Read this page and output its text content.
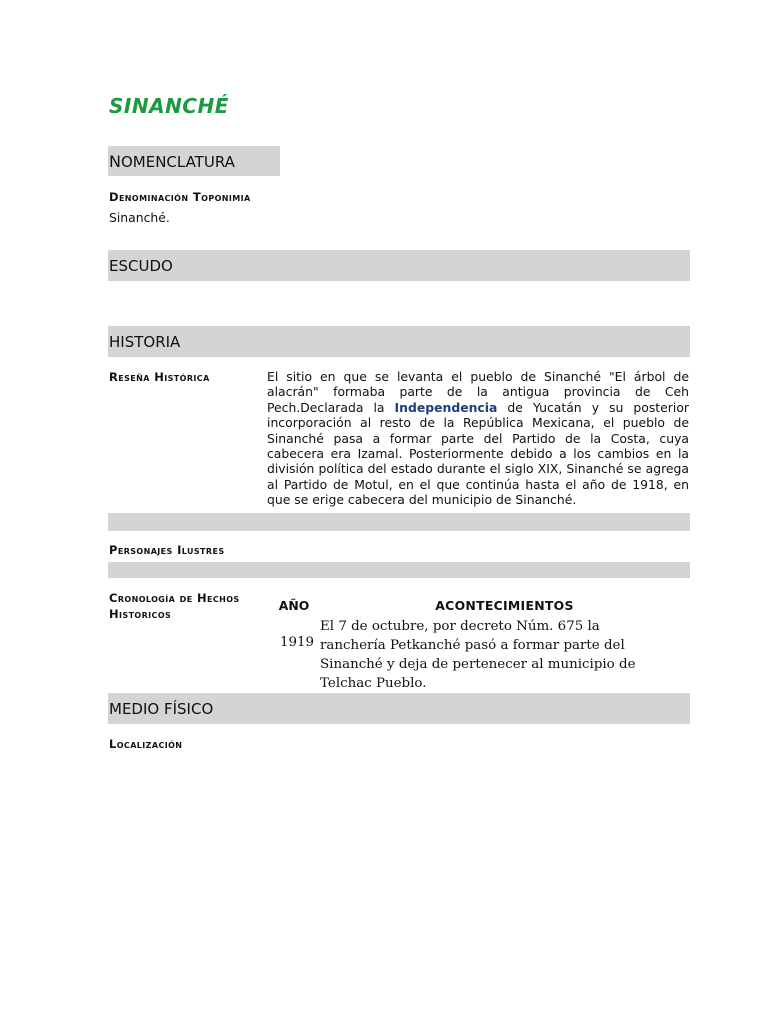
SINANCHÉ
NOMENCLATURA
Denominación Toponimia
Sinanché.
ESCUDO
HISTORIA
Reseña Histórica	El sitio en que se levanta el pueblo de Sinanché "El árbol de alacrán" formaba parte de la antigua provincia de Ceh Pech.Declarada la Independencia de Yucatán y su posterior incorporación al resto de la República Mexicana, el pueblo de Sinanché pasa a formar parte del Partido de la Costa, cuya cabecera era Izamal. Posteriormente debido a los cambios en la división política del estado durante el siglo XIX, Sinanché se agrega al Partido de Motul, en el que continúa hasta el año de 1918, en que se erige cabecera del municipio de Sinanché.
Personajes Ilustres
Cronología de Hechos
Historicos
AÑO	ACONTECIMIENTOS
1919
El 7 de octubre, por decreto Núm. 675 la ranchería Petkanché pasó a formar parte del Sinanché y deja de pertenecer al municipio de Telchac Pueblo.
MEDIO FÍSICO
Localización
